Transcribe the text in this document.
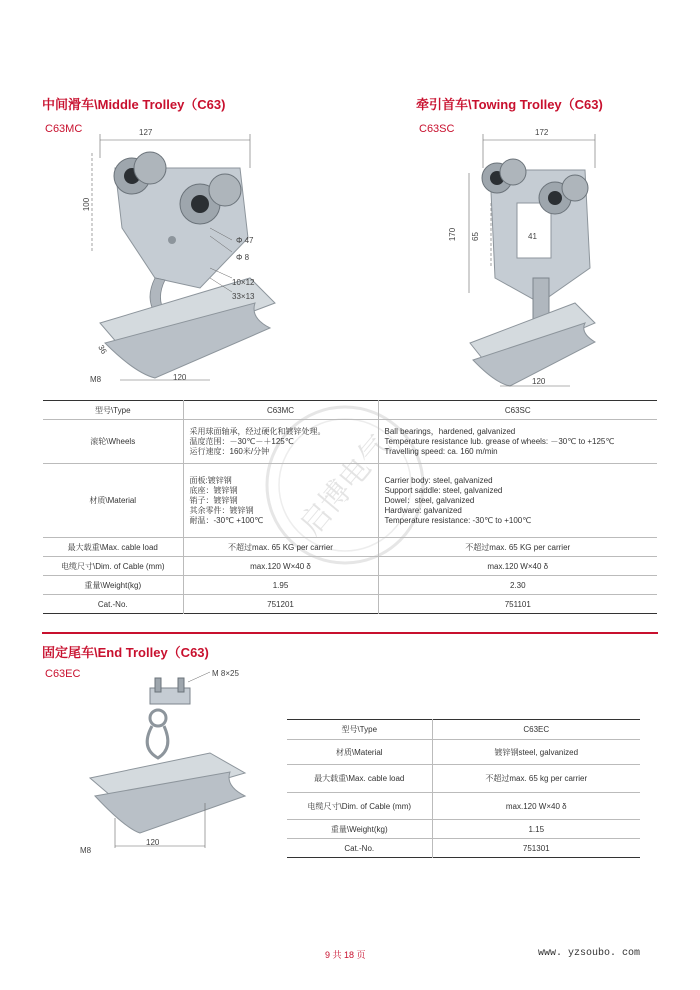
启博电气
中间滑车\Middle Trolley（C63)
C63MC	127
100
Φ 47
Φ 8
10×12
33×13
36
M8	120
牵引首车\Towing Trolley（C63)
C63SC	172
170 65	41
120
型号\Type	C63MC	C63SC
滚轮\Wheels	采用球面轴承，经过硬化和镀锌处理。
温度范围：－30℃－＋125℃
运行速度：160米/分钟	Ball bearings，hardened, galvanized
Temperature resistance lub. grease of wheels: －30℃ to +125℃
Travelling speed: ca. 160 m/min
材质\Material	面板:镀锌钢
底座：镀锌钢
销子：镀锌钢
其余零件：镀锌钢
耐温：-30℃ +100℃	Carrier body: steel, galvanized
Support saddle: steel, galvanized
Dowel：steel, galvanized
Hardware: galvanized
Temperature resistance: -30℃ to +100℃
最大载重\Max. cable load	不超过max. 65 KG per carrier	不超过max. 65 KG per carrier
电缆尺寸\Dim. of Cable (mm)	max.120 W×40 δ	max.120 W×40 δ
重量\Weight(kg)	1.95	2.30
Cat.-No.	751201	751101
固定尾车\End Trolley（C63)
C63EC	M 8×25
M8
120
型号\Type	C63EC
材质\Material	镀锌钢steel, galvanized
最大载重\Max. cable load	不超过max. 65 kg per carrier
电缆尺寸\Dim. of Cable (mm)	max.120 W×40 δ
重量\Weight(kg)	1.15
Cat.-No.	751301
9 共 18 页	www. yzsoubo. com
